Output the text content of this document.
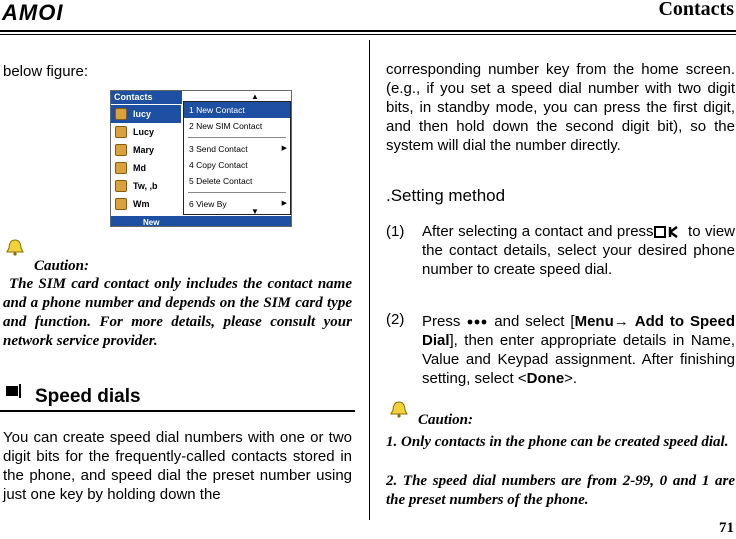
AMOI	Contacts
below figure:
Contacts	▲
lucy
Lucy
Mary
Md
Tw, ,b
Wm
1 New Contact
2 New SIM Contact
3 Send Contact	▶
4 Copy Contact
5 Delete Contact
6 View By	▶
▼
New
Caution:
The SIM card contact only includes the contact name and a phone number and depends on the SIM card type and function. For more details, please consult your network service provider.
Speed dials
You can create speed dial numbers with one or two digit bits for the frequently-called contacts stored in the phone, and speed dial the preset number using just one key by holding down the
corresponding number key from the home screen. (e.g., if you set a speed dial number with two digit bits, in standby mode, you can press the first digit, and then hold down the second digit bit), so the system will dial the number directly.
.Setting method
(1) After selecting a contact and press to view the contact details, select your desired phone number to create speed dial.
(2) Press and select [Menu→ Add to Speed Dial], then enter appropriate details in Name, Value and Keypad assignment. After finishing setting, select <Done>.
Caution:
1. Only contacts in the phone can be created speed dial.
2. The speed dial numbers are from 2-99, 0 and 1 are the preset numbers of the phone.
71
